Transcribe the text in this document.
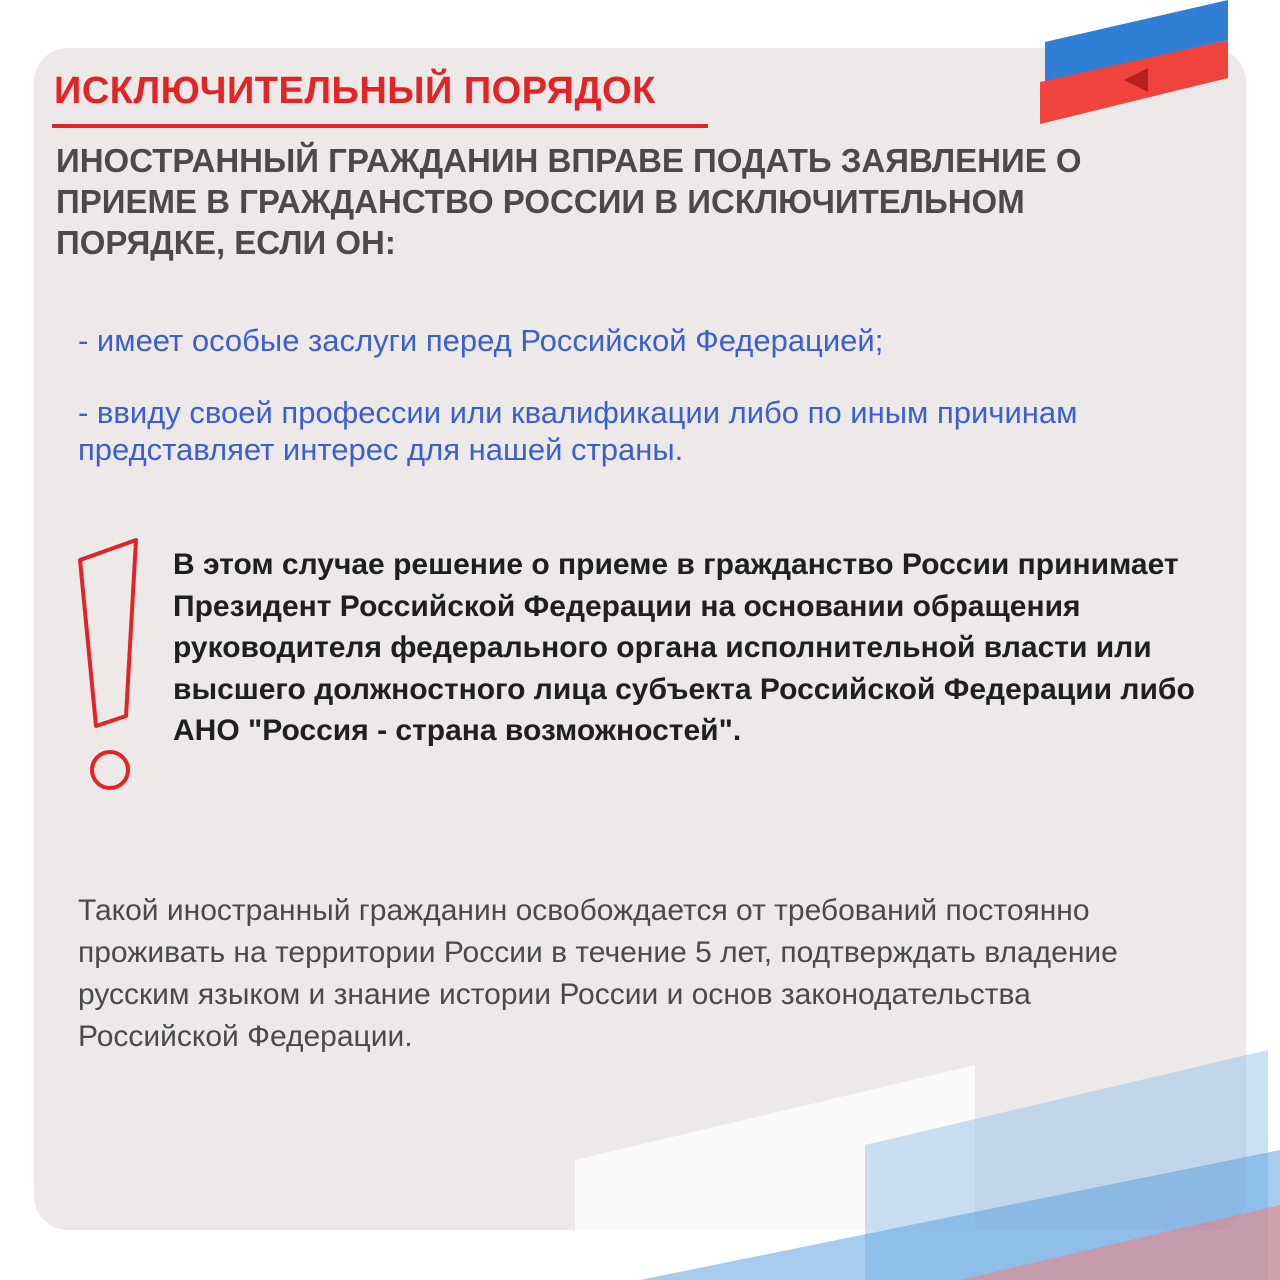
ИСКЛЮЧИТЕЛЬНЫЙ ПОРЯДОК

ИНОСТРАННЫЙ ГРАЖДАНИН ВПРАВЕ ПОДАТЬ ЗАЯВЛЕНИЕ О ПРИЕМЕ В ГРАЖДАНСТВО РОССИИ В ИСКЛЮЧИТЕЛЬНОМ ПОРЯДКЕ, ЕСЛИ ОН:

- имеет особые заслуги перед Российской Федерацией;
- ввиду своей профессии или квалификации либо по иным причинам представляет интерес для нашей страны.

В этом случае решение о приеме в гражданство России принимает Президент Российской Федерации на основании обращения руководителя федерального органа исполнительной власти или высшего должностного лица субъекта Российской Федерации либо АНО "Россия - страна возможностей".

Такой иностранный гражданин освобождается от требований постоянно проживать на территории России в течение 5 лет, подтверждать владение русским языком и знание истории России и основ законодательства Российской Федерации.
